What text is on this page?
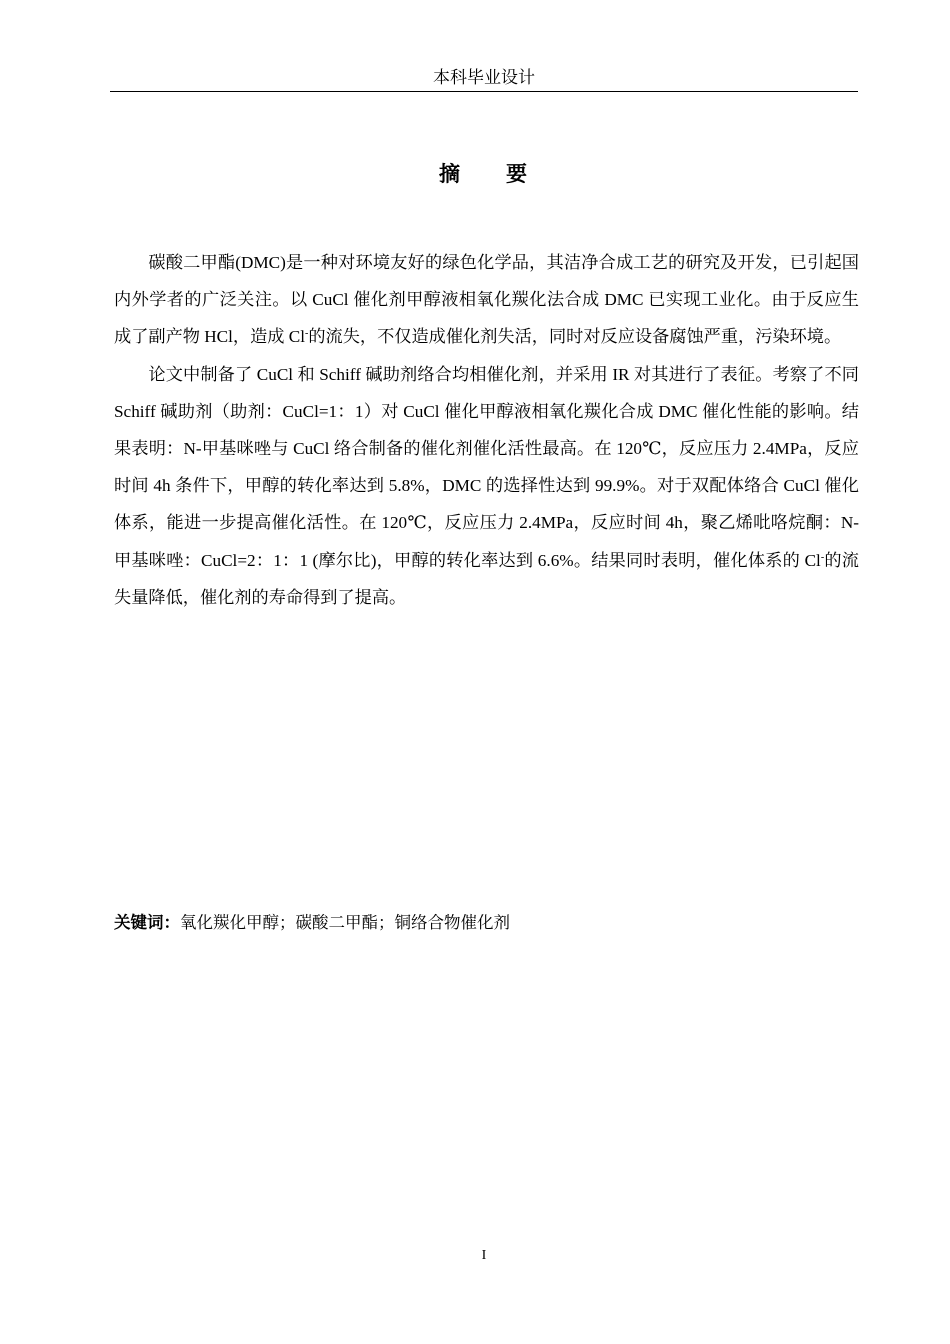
本科毕业设计
摘 要

碳酸二甲酯(DMC)是一种对环境友好的绿色化学品，其洁净合成工艺的研究及开发，已引起国内外学者的广泛关注。以 CuCl 催化剂甲醇液相氧化羰化法合成 DMC 已实现工业化。由于反应生成了副产物 HCl，造成 Cl-的流失，不仅造成催化剂失活，同时对反应设备腐蚀严重，污染环境。

论文中制备了 CuCl 和 Schiff 碱助剂络合均相催化剂，并采用 IR 对其进行了表征。考察了不同 Schiff 碱助剂（助剂：CuCl=1：1）对 CuCl 催化甲醇液相氧化羰化合成 DMC 催化性能的影响。结果表明：N-甲基咪唑与 CuCl 络合制备的催化剂催化活性最高。在 120℃，反应压力 2.4MPa，反应时间 4h 条件下，甲醇的转化率达到 5.8%，DMC 的选择性达到 99.9%。对于双配体络合 CuCl 催化体系，能进一步提高催化活性。在 120℃，反应压力 2.4MPa，反应时间 4h，聚乙烯吡咯烷酮：N-甲基咪唑：CuCl=2：1：1 (摩尔比)，甲醇的转化率达到 6.6%。结果同时表明，催化体系的 Cl-的流失量降低，催化剂的寿命得到了提高。

关键词：氧化羰化甲醇；碳酸二甲酯；铜络合物催化剂
I
